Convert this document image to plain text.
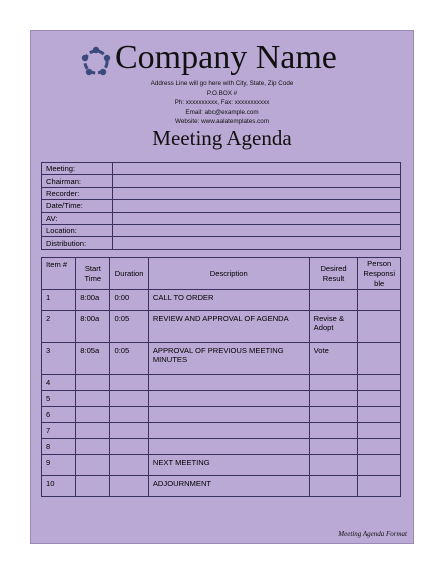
Company Name
Address Line will go here with City, State, Zip Code
P.O.BOX #
Ph: xxxxxxxxxx, Fax: xxxxxxxxxxx
Email: abc@example.com
Website: www.aalatemplates.com
Meeting Agenda
Meeting:	
Chairman:	
Recorder:	
Date/Time:	
AV:	
Location:	
Distribution:	
Item #	Start Time	Duration	Description	Desired Result	Person Responsi ble
1	8:00a	0:00	CALL TO ORDER		
2	8:00a	0:05	REVIEW AND APPROVAL OF AGENDA	Revise & Adopt	
3	8:05a	0:05	APPROVAL OF PREVIOUS MEETING MINUTES	Vote	
4					
5					
6					
7					
8					
9			NEXT MEETING		
10			ADJOURNMENT		
Meeting Agenda Format
